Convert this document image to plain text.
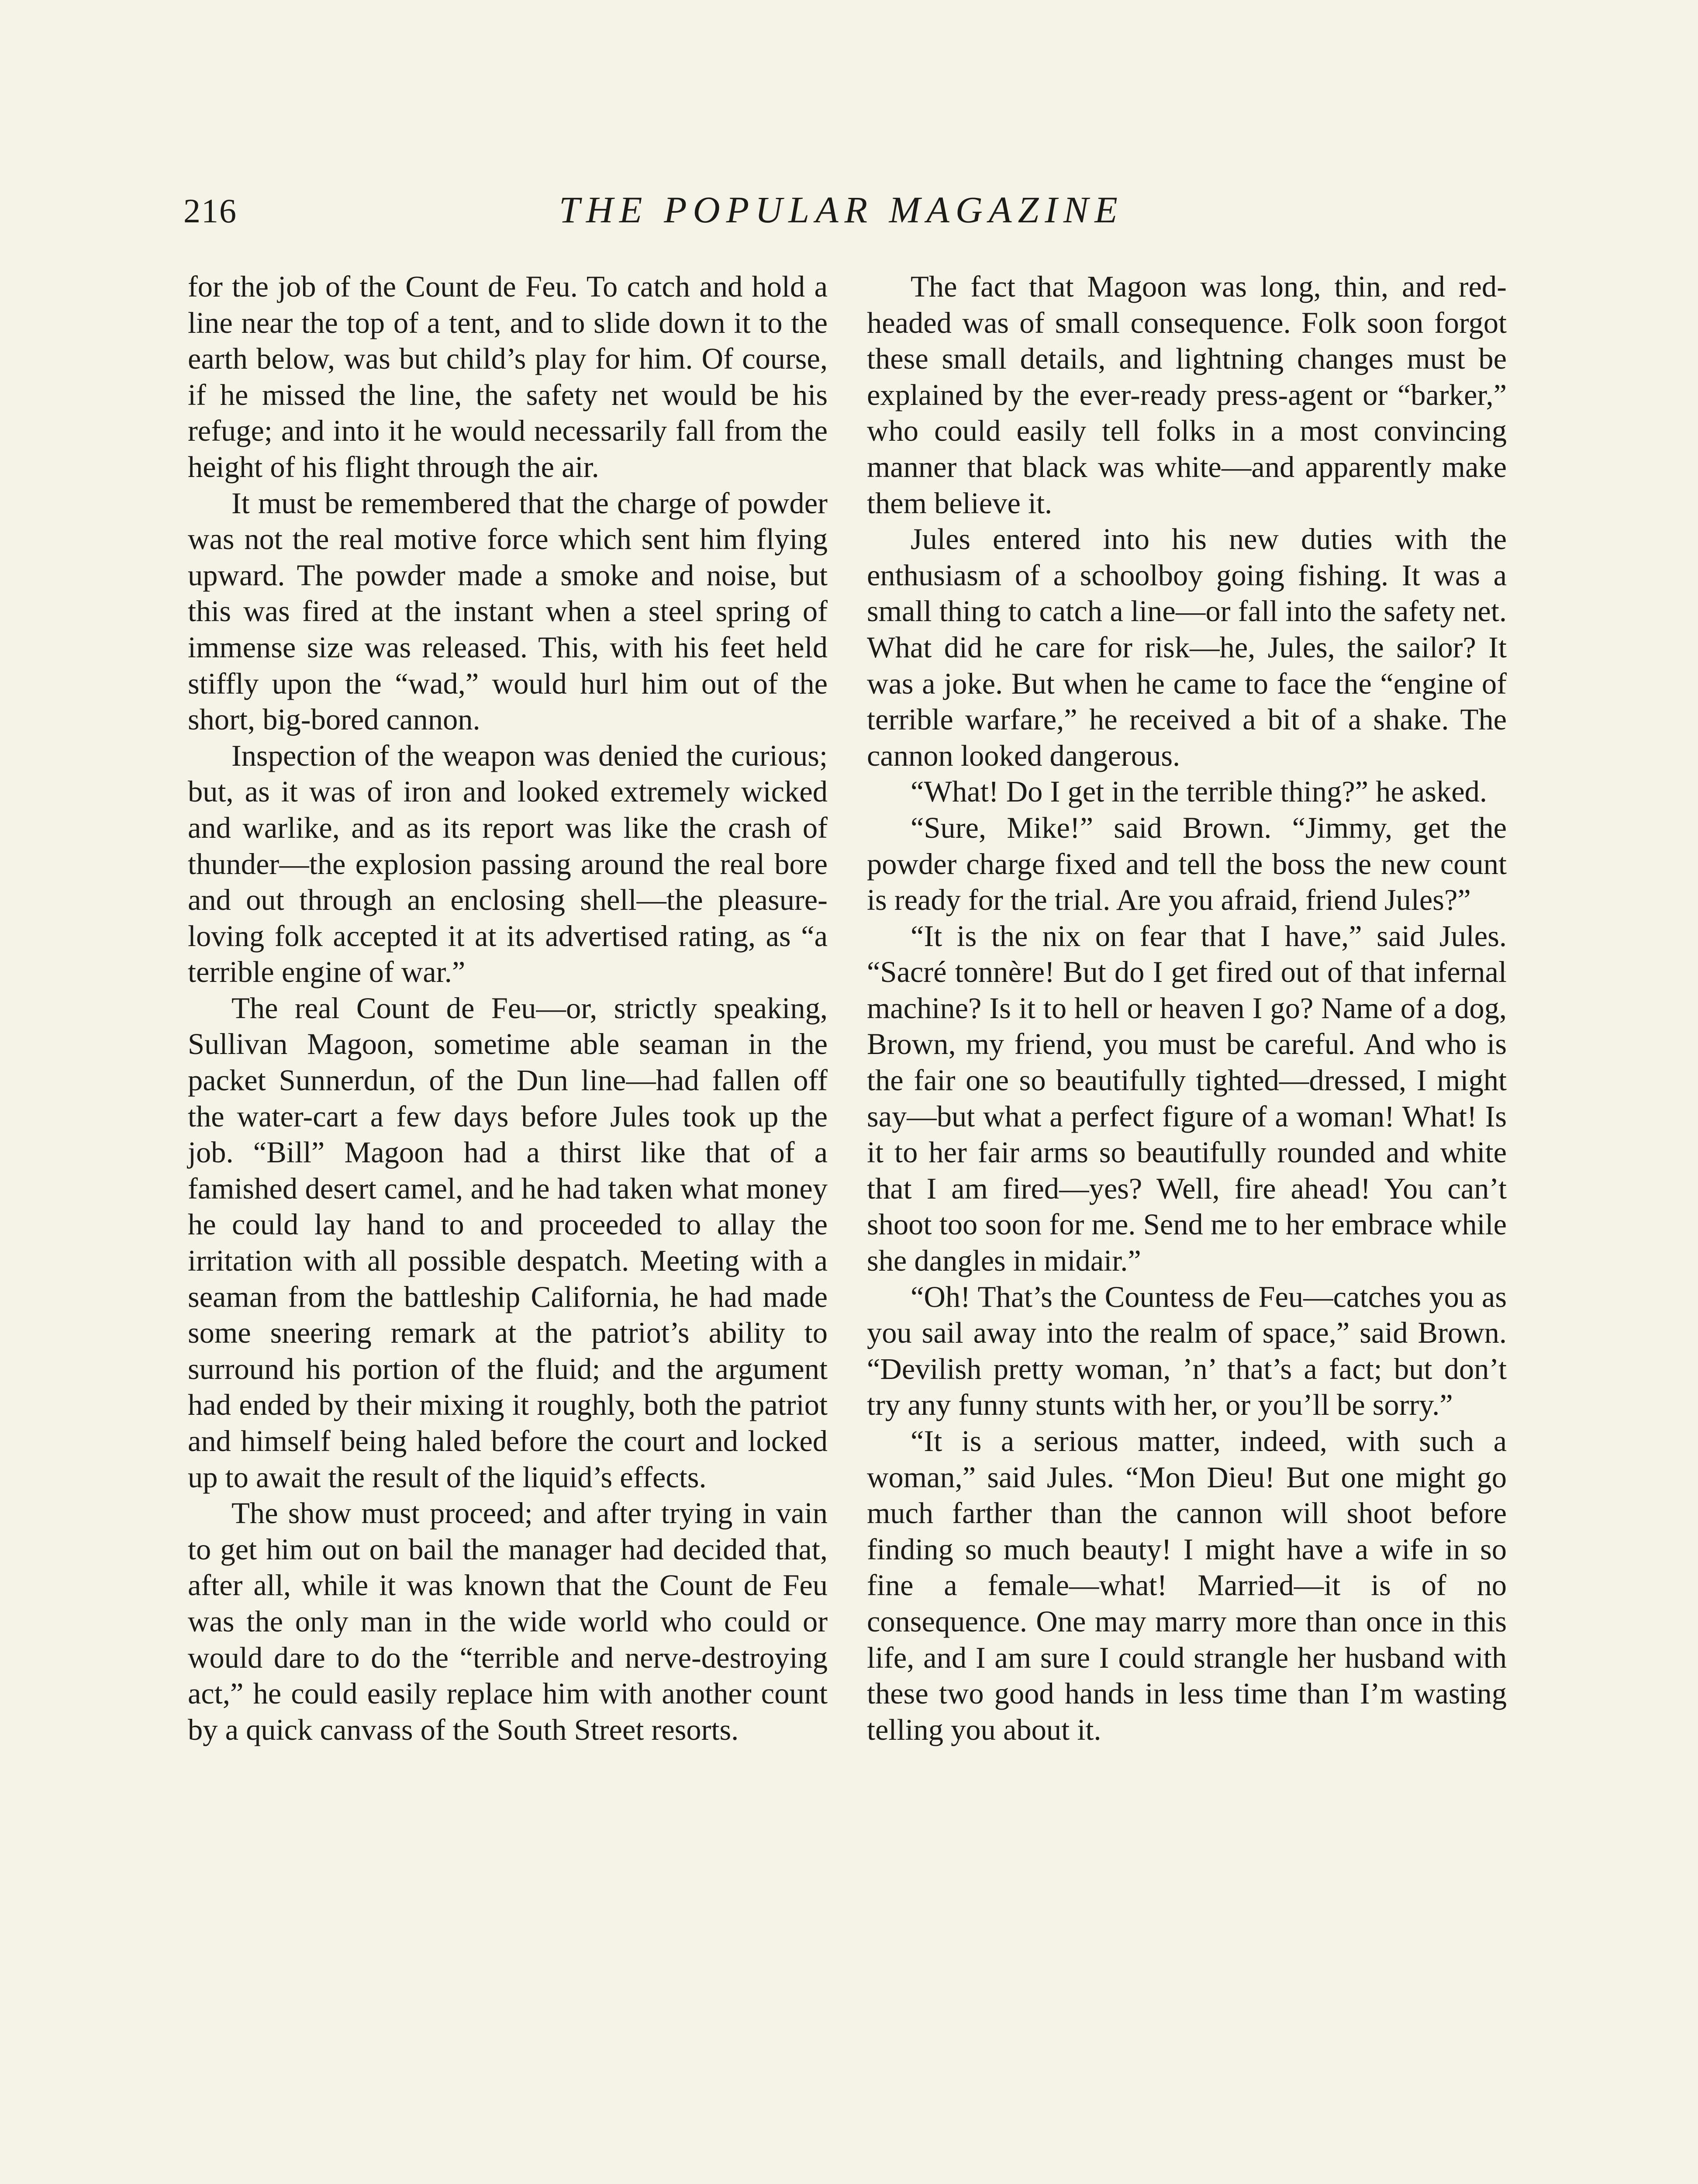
216	THE POPULAR MAGAZINE

for the job of the Count de Feu. To catch and hold a line near the top of a tent, and to slide down it to the earth below, was but child’s play for him. Of course, if he missed the line, the safety net would be his refuge; and into it he would necessarily fall from the height of his flight through the air.

It must be remembered that the charge of powder was not the real motive force which sent him flying upward. The powder made a smoke and noise, but this was fired at the instant when a steel spring of immense size was released. This, with his feet held stiffly upon the “wad,” would hurl him out of the short, big-bored cannon.

Inspection of the weapon was denied the curious; but, as it was of iron and looked extremely wicked and warlike, and as its report was like the crash of thunder—the explosion passing around the real bore and out through an enclosing shell—the pleasure-loving folk accepted it at its advertised rating, as “a terrible engine of war.”

The real Count de Feu—or, strictly speaking, Sullivan Magoon, sometime able seaman in the packet Sunnerdun, of the Dun line—had fallen off the water-cart a few days before Jules took up the job. “Bill” Magoon had a thirst like that of a famished desert camel, and he had taken what money he could lay hand to and proceeded to allay the irritation with all possible despatch. Meeting with a seaman from the battleship California, he had made some sneering remark at the patriot’s ability to surround his portion of the fluid; and the argument had ended by their mixing it roughly, both the patriot and himself being haled before the court and locked up to await the result of the liquid’s effects.

The show must proceed; and after trying in vain to get him out on bail the manager had decided that, after all, while it was known that the Count de Feu was the only man in the wide world who could or would dare to do the “terrible and nerve-destroying act,” he could easily replace him with another count by a quick canvass of the South Street resorts.

The fact that Magoon was long, thin, and red-headed was of small consequence. Folk soon forgot these small details, and lightning changes must be explained by the ever-ready press-agent or “barker,” who could easily tell folks in a most convincing manner that black was white—and apparently make them believe it.

Jules entered into his new duties with the enthusiasm of a schoolboy going fishing. It was a small thing to catch a line—or fall into the safety net. What did he care for risk—he, Jules, the sailor? It was a joke. But when he came to face the “engine of terrible warfare,” he received a bit of a shake. The cannon looked dangerous.

“What! Do I get in the terrible thing?” he asked.

“Sure, Mike!” said Brown. “Jimmy, get the powder charge fixed and tell the boss the new count is ready for the trial. Are you afraid, friend Jules?”

“It is the nix on fear that I have,” said Jules. “Sacré tonnère! But do I get fired out of that infernal machine? Is it to hell or heaven I go? Name of a dog, Brown, my friend, you must be careful. And who is the fair one so beautifully tighted—dressed, I might say—but what a perfect figure of a woman! What! Is it to her fair arms so beautifully rounded and white that I am fired—yes? Well, fire ahead! You can’t shoot too soon for me. Send me to her embrace while she dangles in midair.”

“Oh! That’s the Countess de Feu—catches you as you sail away into the realm of space,” said Brown. “Devilish pretty woman, ’n’ that’s a fact; but don’t try any funny stunts with her, or you’ll be sorry.”

“It is a serious matter, indeed, with such a woman,” said Jules. “Mon Dieu! But one might go much farther than the cannon will shoot before finding so much beauty! I might have a wife in so fine a female—what! Married—it is of no consequence. One may marry more than once in this life, and I am sure I could strangle her husband with these two good hands in less time than I’m wasting telling you about it.
